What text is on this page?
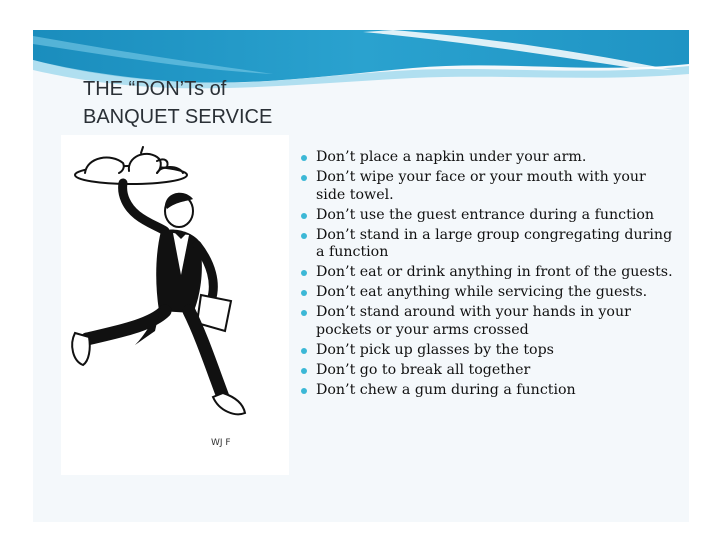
THE “DON’Ts of
BANQUET SERVICE
WJ F
Don’t place a napkin under your arm.
Don’t wipe your face or your mouth with your side towel.
Don’t use the guest entrance during a function
Don’t stand in a large group congregating during a function
Don’t eat or drink anything in front of the guests.
Don’t eat anything while servicing the guests.
Don’t stand around with your hands in your pockets or your arms crossed
Don’t pick up glasses by the tops
Don’t go to break all together
Don’t chew a gum during a function
